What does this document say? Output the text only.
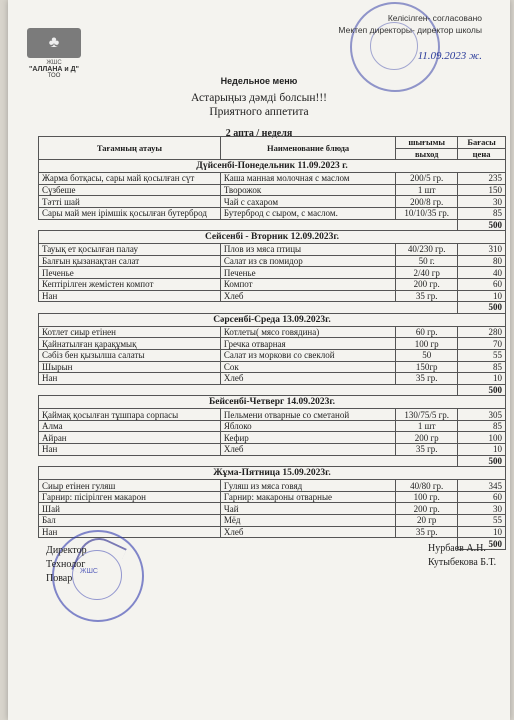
♣
ЖШС
"АЛЛАНА и Д"
ТОО
Келісілген- согласовано
Мектеп директоры- директор школы
11.09.2023 ж.
Недельное меню
Астарыңыз дәмді болсын!!!
Приятного аппетита
2 апта / неделя
Тағамның атауы	Наименование блюда	шығымы	Бағасы
		выход	цена
Дүйсенбі-Понедельник 11.09.2023 г.			
Жарма ботқасы, сары май қосылған сүт	Каша манная молочная с маслом	200/5 гр.	235
Сүзбеше	Творожок	1 шт	150
Тәтті шай	Чай с сахаром	200/8 гр.	30
Сары май мен ірімшік қосылған бутерброд	Бутерброд с сыром, с маслом.	10/10/35 гр.	85
			500
Сейсенбі - Вторник 12.09.2023г.			
Тауық ет қосылған палау	Плов из мяса птицы	40/230 гр.	310
Балғын қызанақтан салат	Салат из св помидор	50 г.	80
Печенье	Печенье	2/40 гр	40
Кептірілген жемістен компот	Компот	200 гр.	60
Нан	Хлеб	35 гр.	10
			500
Сәрсенбі-Среда 13.09.2023г.			
Котлет сиыр етінен	Котлеты( мясо говядина)	60 гр.	280
Қайнатылған қарақұмық	Гречка отварная	100 гр	70
Сәбіз бен қызылша салаты	Салат из моркови со свеклой	50	55
Шырын	Сок	150гр	85
Нан	Хлеб	35 гр.	10
			500
Бейсенбі-Четверг 14.09.2023г.			
Қаймақ қосылған тұшпара сорпасы	Пельмени отварные со сметаной	130/75/5 гр.	305
Алма	Яблоко	1 шт	85
Айран	Кефир	200 гр	100
Нан	Хлеб	35 гр.	10
			500
Жұма-Пятница 15.09.2023г.			
Сиыр етінен гуляш	Гуляш из мяса говяд	40/80 гр.	345
Гарнир: пісірілген макарон	Гарнир: макароны отварные	100 гр.	60
Шай	Чай	200 гр.	30
Бал	Мёд	20 гр	55
Нан	Хлеб	35 гр.	10
			500
ЖШС
Директор
Технолог
Повар
Нурбаев А.Н.
Кутыбекова Б.Т.
